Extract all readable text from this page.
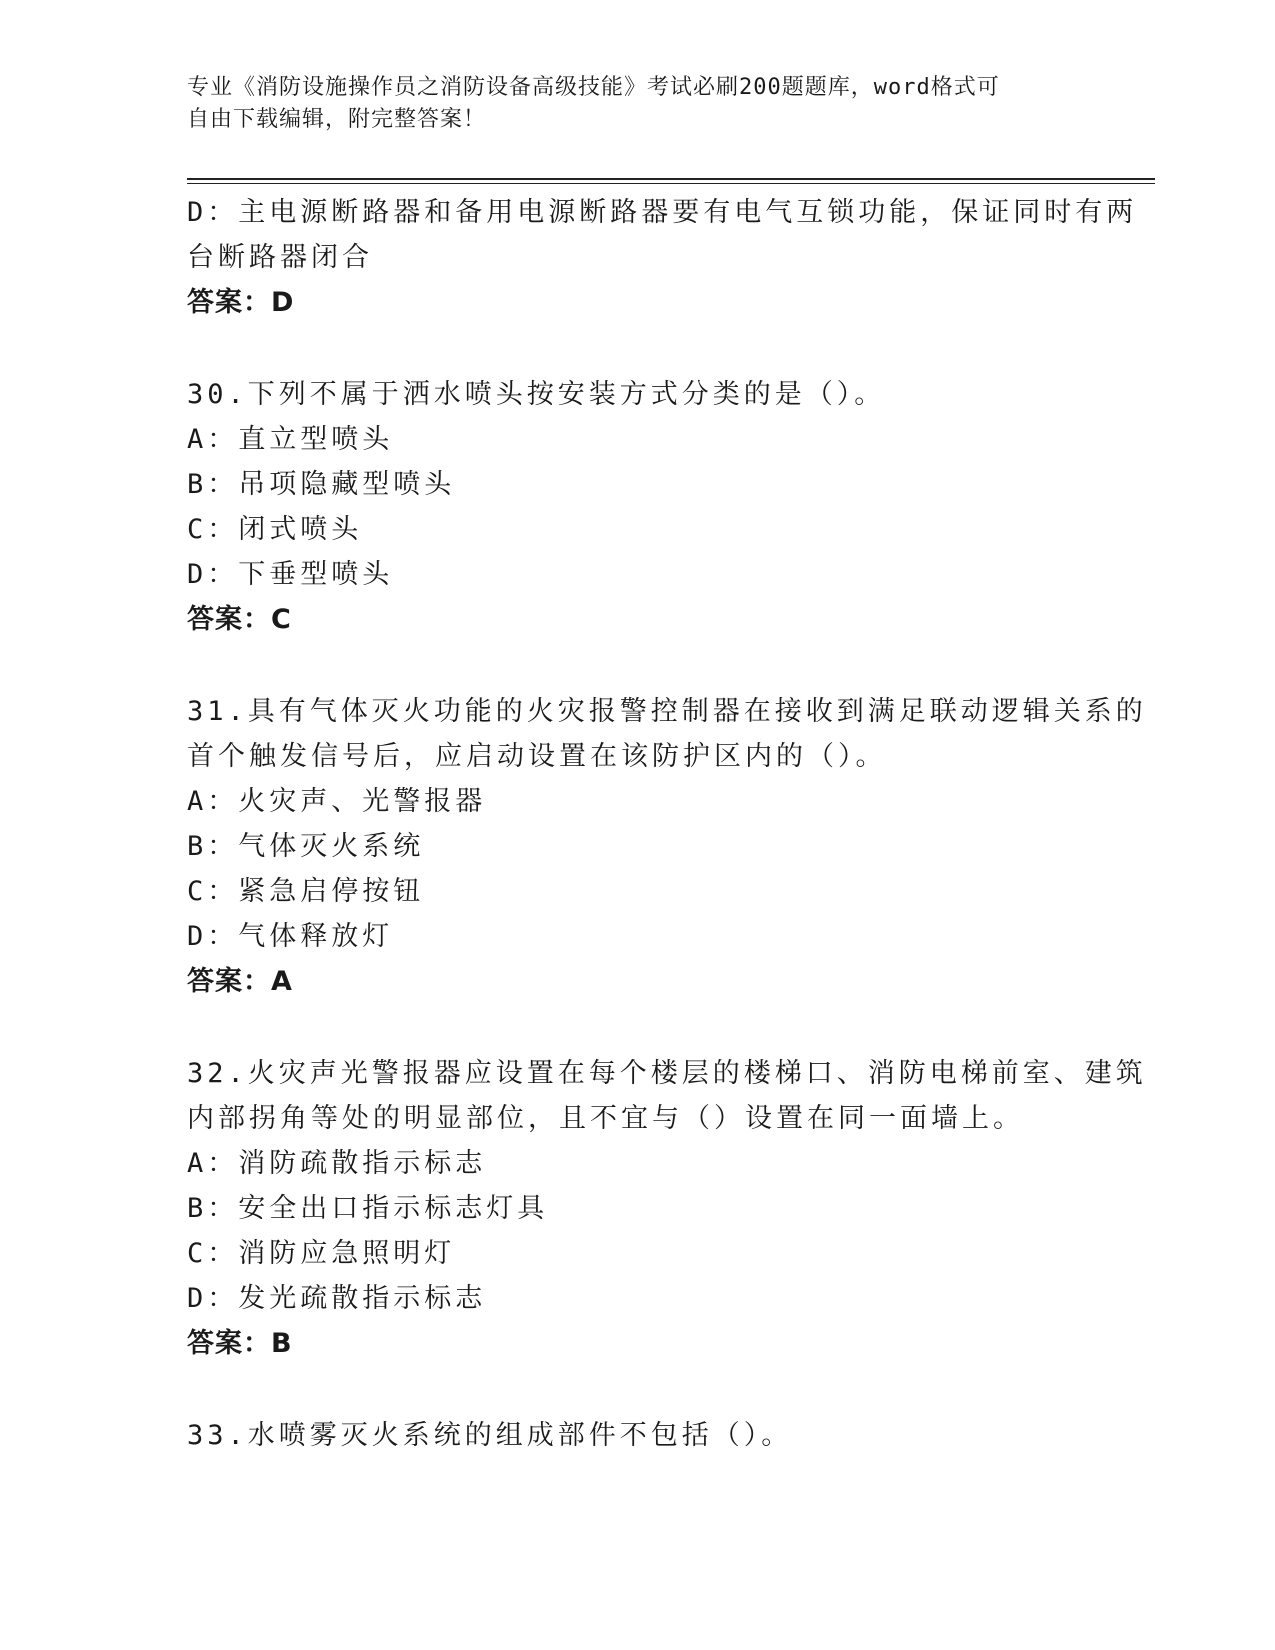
专业《消防设施操作员之消防设备高级技能》考试必刷200题题库，word格式可
自由下载编辑，附完整答案！
D：主电源断路器和备用电源断路器要有电气互锁功能，保证同时有两
台断路器闭合
答案：D
30.下列不属于洒水喷头按安装方式分类的是（）。
A：直立型喷头
B：吊项隐藏型喷头
C：闭式喷头
D：下垂型喷头
答案：C
31.具有气体灭火功能的火灾报警控制器在接收到满足联动逻辑关系的
首个触发信号后，应启动设置在该防护区内的（）。
A：火灾声、光警报器
B：气体灭火系统
C：紧急启停按钮
D：气体释放灯
答案：A
32.火灾声光警报器应设置在每个楼层的楼梯口、消防电梯前室、建筑
内部拐角等处的明显部位，且不宜与（）设置在同一面墙上。
A：消防疏散指示标志
B：安全出口指示标志灯具
C：消防应急照明灯
D：发光疏散指示标志
答案：B
33.水喷雾灭火系统的组成部件不包括（）。
